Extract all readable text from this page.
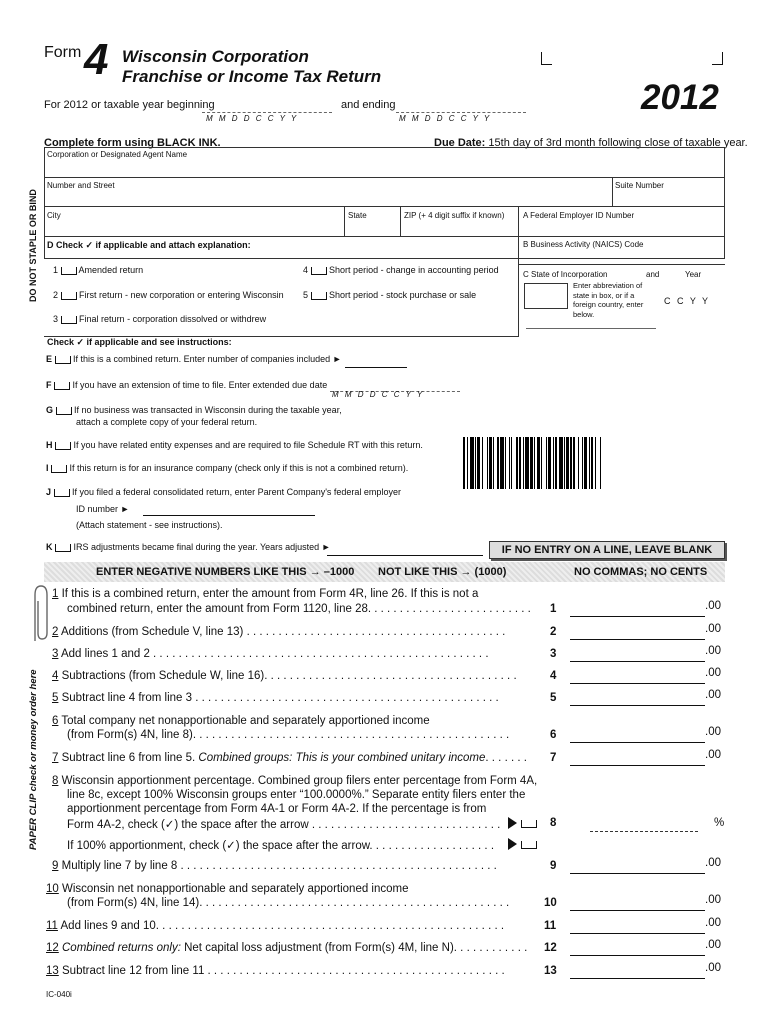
Form 4 Wisconsin Corporation
Franchise or Income Tax Return
2012
For 2012 or taxable year beginning
M M D D C C Y Y
and ending
M M D D C C Y Y
Complete form using BLACK INK.	Due Date: 15th day of 3rd month following close of taxable year.
DO NOT STAPLE OR BIND
PAPER CLIP check or money order here
Corporation or Designated Agent Name
Number and Street	Suite Number
City	State	ZIP (+ 4 digit suffix if known) A Federal Employer ID Number
B Business Activity (NAICS) Code
C State of Incorporation	and	Year
Enter abbreviation of state in box, or if a foreign country, enter below.
C C Y Y
D Check ✓ if applicable and attach explanation:
1 Amended return
2 First return - new corporation or entering Wisconsin
3 Final return - corporation dissolved or withdrew
4 Short period - change in accounting period
5 Short period - stock purchase or sale
Check ✓ if applicable and see instructions:
E If this is a combined return. Enter number of companies included ►
F If you have an extension of time to file. Enter extended due date
M M D D C C Y Y
G If no business was transacted in Wisconsin during the taxable year,
attach a complete copy of your federal return.
H If you have related entity expenses and are required to file Schedule RT with this return.
I If this return is for an insurance company (check only if this is not a combined return).
J If you filed a federal consolidated return, enter Parent Company's federal employer
ID number ►
(Attach statement - see instructions).
K IRS adjustments became final during the year. Years adjusted ►	IF NO ENTRY ON A LINE, LEAVE BLANK
ENTER NEGATIVE NUMBERS LIKE THIS → –1000 NOT LIKE THIS → (1000)	NO COMMAS; NO CENTS
1 If this is a combined return, enter the amount from Form 4R, line 26. If this is not a
combined return, enter the amount from Form 1120, line 28. . . . . . . . . . . . . . . . . . . . . . . . . . 1	.00
2 Additions (from Schedule V, line 13) . . . . . . . . . . . . . . . . . . . . . . . . . . . . . . . . . . . . . . . . .	2	.00
3 Add lines 1 and 2 . . . . . . . . . . . . . . . . . . . . . . . . . . . . . . . . . . . . . . . . . . . . . . . . . . . . .	3	.00
4 Subtractions (from Schedule W, line 16). . . . . . . . . . . . . . . . . . . . . . . . . . . . . . . . . . . . . . . .	4	.00
5 Subtract line 4 from line 3 . . . . . . . . . . . . . . . . . . . . . . . . . . . . . . . . . . . . . . . . . . . . . . . .	5	.00
6 Total company net nonapportionable and separately apportioned income
(from Form(s) 4N, line 8). . . . . . . . . . . . . . . . . . . . . . . . . . . . . . . . . . . . . . . . . . . . . . . . . .	6	.00
7 Subtract line 6 from line 5. Combined groups: This is your combined unitary income. . . . . . . 7	.00
8 Wisconsin apportionment percentage. Combined group filers enter percentage from Form 4A,
line 8c, except 100% Wisconsin groups enter “100.0000%.” Separate entity filers enter the
apportionment percentage from Form 4A-1 or Form 4A-2. If the percentage is from
Form 4A-2, check (✓) the space after the arrow . . . . . . . . . . . . . . . . . . . . . . . . . . . . . .	8	%
If 100% apportionment, check (✓) the space after the arrow. . . . . . . . . . . . . . . . . . . .
9 Multiply line 7 by line 8 . . . . . . . . . . . . . . . . . . . . . . . . . . . . . . . . . . . . . . . . . . . . . . . . . .	9	.00
10 Wisconsin net nonapportionable and separately apportioned income
(from Form(s) 4N, line 14). . . . . . . . . . . . . . . . . . . . . . . . . . . . . . . . . . . . . . . . . . . . . . . . .	10	.00
11 Add lines 9 and 10. . . . . . . . . . . . . . . . . . . . . . . . . . . . . . . . . . . . . . . . . . . . . . . . . . . . . . .	11	.00
12 Combined returns only: Net capital loss adjustment (from Form(s) 4M, line N). . . . . . . . . . . . 12	.00
13 Subtract line 12 from line 11 . . . . . . . . . . . . . . . . . . . . . . . . . . . . . . . . . . . . . . . . . . . . . . .	13	.00
IC-040i
